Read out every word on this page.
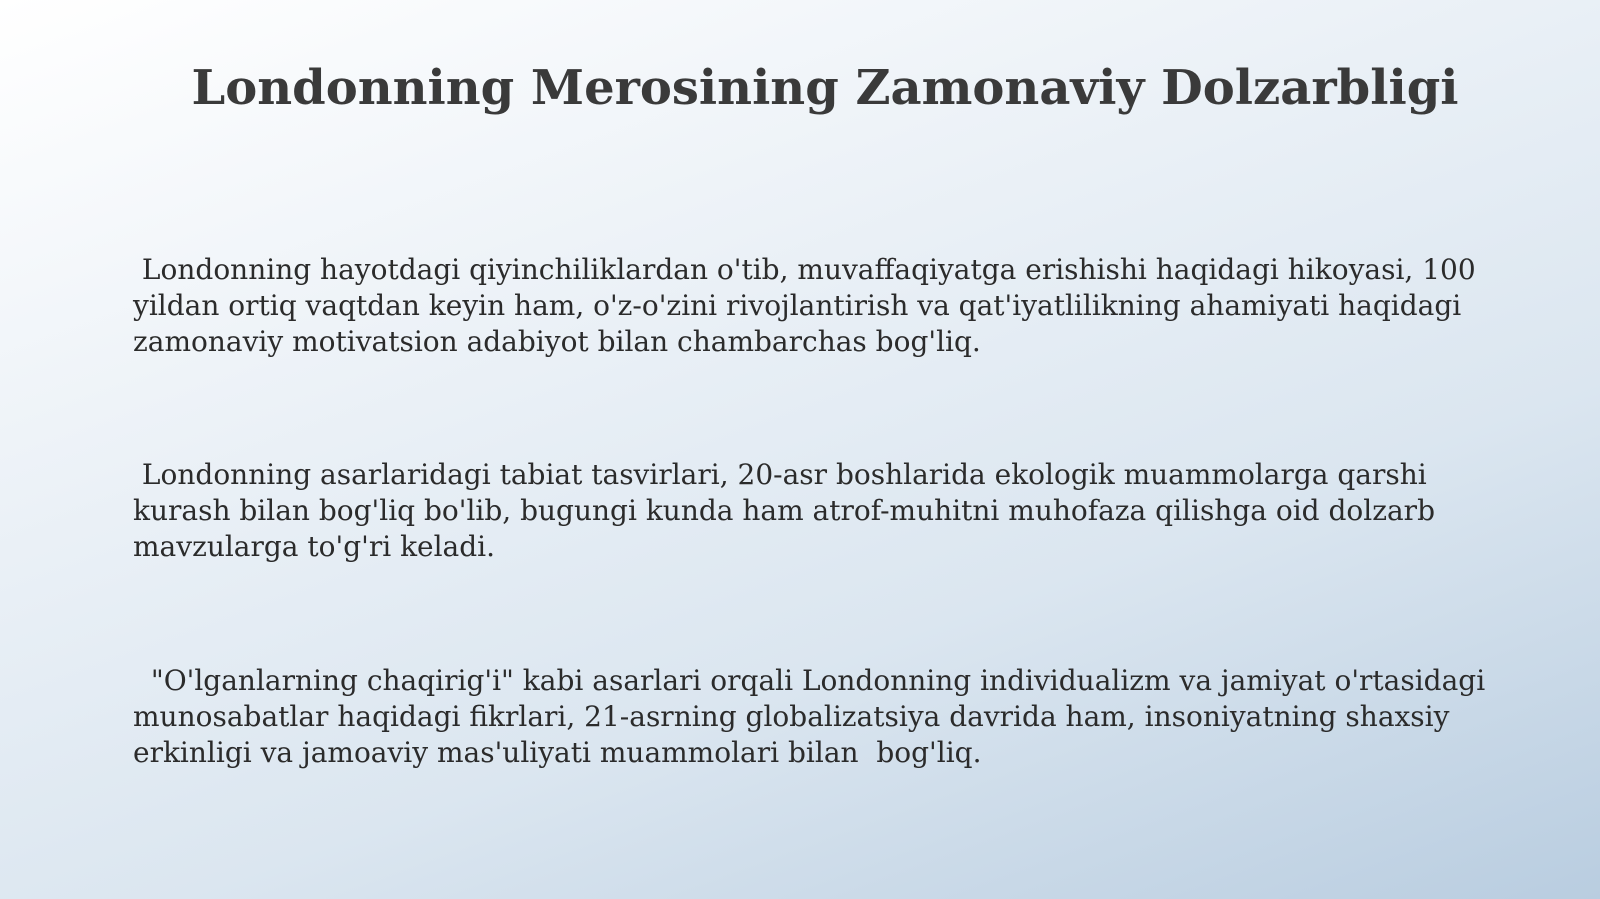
Londonning Merosining Zamonaviy Dolzarbligi

Londonning hayotdagi qiyinchiliklardan o'tib, muvaffaqiyatga erishishi haqidagi hikoyasi, 100 yildan ortiq vaqtdan keyin ham, o'z-o'zini rivojlantirish va qat'iyatlilikning ahamiyati haqidagi zamonaviy motivatsion adabiyot bilan chambarchas bog'liq.

Londonning asarlaridagi tabiat tasvirlari, 20-asr boshlarida ekologik muammolarga qarshi kurash bilan bog'liq bo'lib, bugungi kunda ham atrof-muhitni muhofaza qilishga oid dolzarb mavzularga to'g'ri keladi.

"O'lganlarning chaqirig'i" kabi asarlari orqali Londonning individualizm va jamiyat o'rtasidagi munosabatlar haqidagi fikrlari, 21-asrning globalizatsiya davrida ham, insoniyatning shaxsiy erkinligi va jamoaviy mas'uliyati muammolari bilan  bog'liq.
